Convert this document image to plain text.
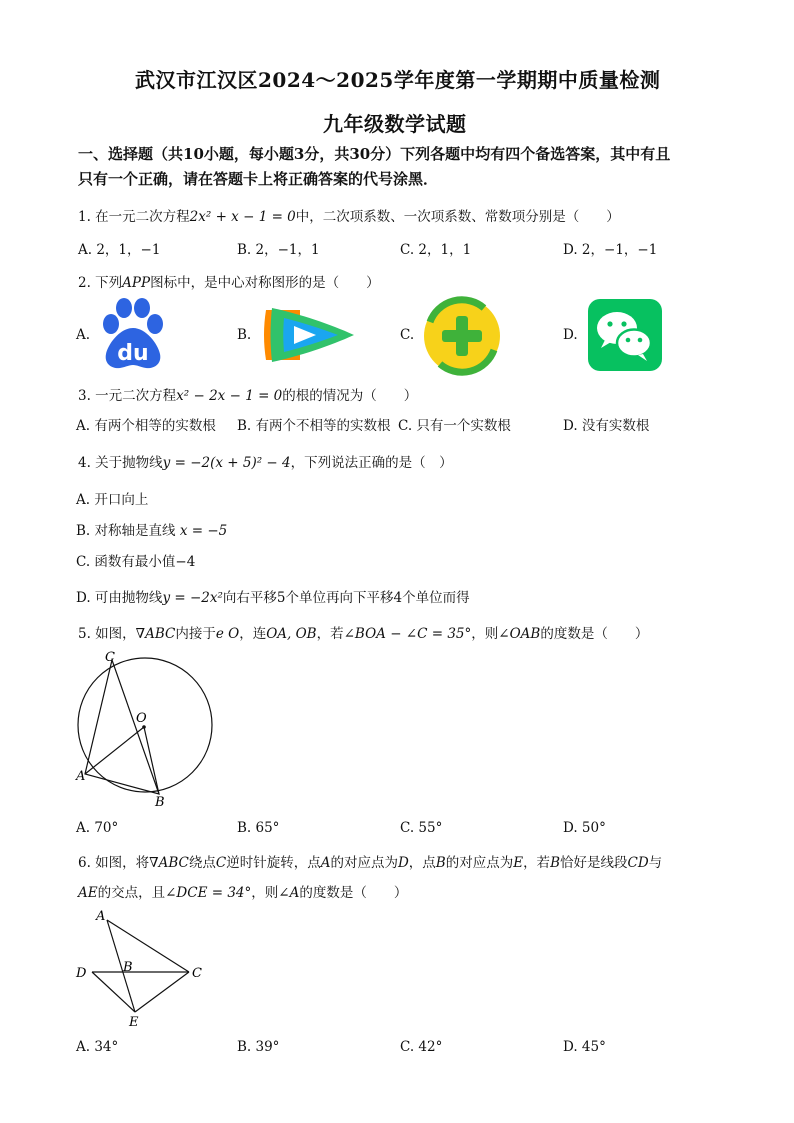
武汉市江汉区2024～2025学年度第一学期期中质量检测
九年级数学试题
一、选择题（共10小题，每小题3分，共30分）下列各题中均有四个备选答案，其中有且
只有一个正确，请在答题卡上将正确答案的代号涂黑．
1. 在一元二次方程2x² + x − 1 = 0中，二次项系数、一次项系数、常数项分别是（　　）
A. 2，1，−1	B. 2，−1，1	C. 2，1，1	D. 2，−1，−1
2. 下列APP图标中，是中心对称图形的是（　　）
A.
du
B.	C.	D.
3. 一元二次方程x² − 2x − 1 = 0的根的情况为（　　）
A. 有两个相等的实数根 B. 有两个不相等的实数根 C. 只有一个实数根	D. 没有实数根
4. 关于抛物线y = −2(x + 5)² − 4，下列说法正确的是（　）
A. 开口向上
B. 对称轴是直线 x = −5
C. 函数有最小值−4
D. 可由抛物线y = −2x²向右平移5个单位再向下平移4个单位而得
5. 如图，∇ABC内接于e O，连OA, OB，若∠BOA − ∠C = 35°，则∠OAB的度数是（　　）
C
O
A
B
A. 70°	B. 65°	C. 55°	D. 50°
6. 如图，将∇ABC绕点C逆时针旋转，点A的对应点为D，点B的对应点为E，若B恰好是线段CD与
AE的交点，且∠DCE = 34°，则∠A的度数是（　　）
A
D	B	C
E
A. 34°	B. 39°	C. 42°	D. 45°
